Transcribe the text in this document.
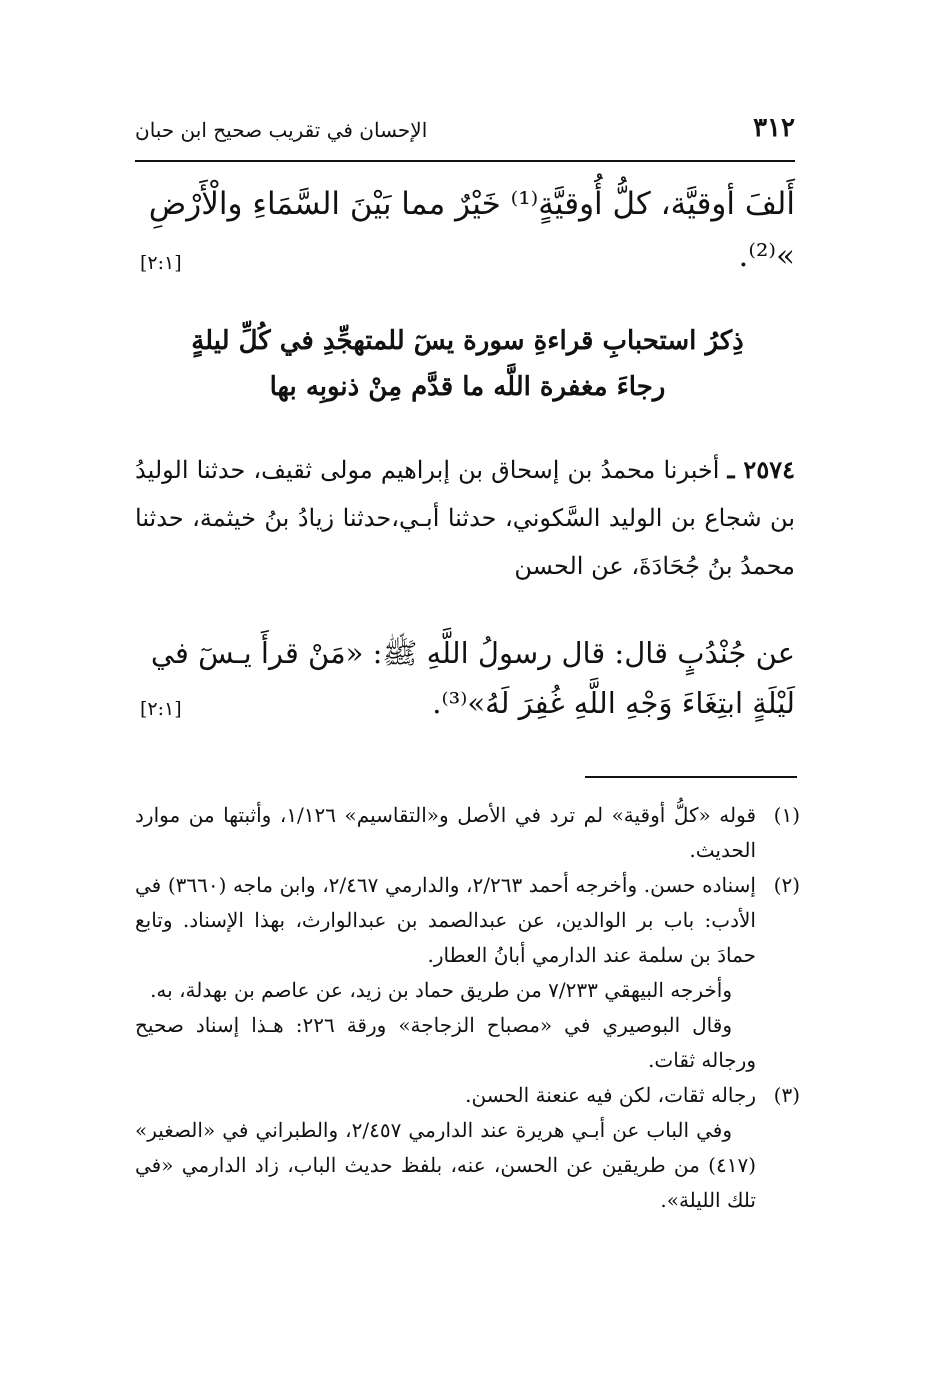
٣١٢
الإحسان في تقريب صحيح ابن حبان
أَلفَ أوقيَّة، كلُّ أُوقيَّةٍ⁽¹⁾ خَيْرٌ مما بَيْنَ السَّمَاءِ والْأَرْضِ »⁽²⁾.
[٢:١]
ذِكرُ استحبابِ قراءةِ سورة يسٓ للمتهجِّدِ في كُلِّ ليلةٍ
رجاءَ مغفرة اللَّه ما قدَّم مِنْ ذنوبِه بها
٢٥٧٤ ـ أخبرنا محمدُ بن إسحاق بن إبراهيم مولى ثقيف، حدثنا الوليدُ بن شجاع بن الوليد السَّكوني، حدثنا أبـي،حدثنا زيادُ بنُ خيثمة، حدثنا محمدُ بنُ جُحَادَةَ، عن الحسن
عن جُنْدُبٍ قال: قال رسولُ اللَّهِ ﷺ: «مَنْ قرأَ يـسٓ في لَيْلَةٍ ابتِغَاءَ وَجْهِ اللَّهِ غُفِرَ لَهُ»⁽³⁾.
[٢:١]

(١)
قوله «كلُّ أوقية» لم ترد في الأصل و«التقاسيم» ١/١٢٦، وأثبتها من موارد الحديث.

(٢)
إسناده حسن. وأخرجه أحمد ٢/٢٦٣، والدارمي ٢/٤٦٧، وابن ماجه (٣٦٦٠) في الأدب: باب بر الوالدين، عن عبدالصمد بن عبدالوارث، بهذا الإسناد. وتابع حمادَ بن سلمة عند الدارمي أبانُ العطار.

وأخرجه البيهقي ٧/٢٣٣ من طريق حماد بن زيد، عن عاصم بن بهدلة، به.

وقال البوصيري في «مصباح الزجاجة» ورقة ٢٢٦: هـذا إسناد صحيح ورجاله ثقات.

(٣)
رجاله ثقات، لكن فيه عنعنة الحسن.

وفي الباب عن أبـي هريرة عند الدارمي ٢/٤٥٧، والطبراني في «الصغير» (٤١٧) من طريقين عن الحسن، عنه، بلفظ حديث الباب، زاد الدارمي «في تلك الليلة».
